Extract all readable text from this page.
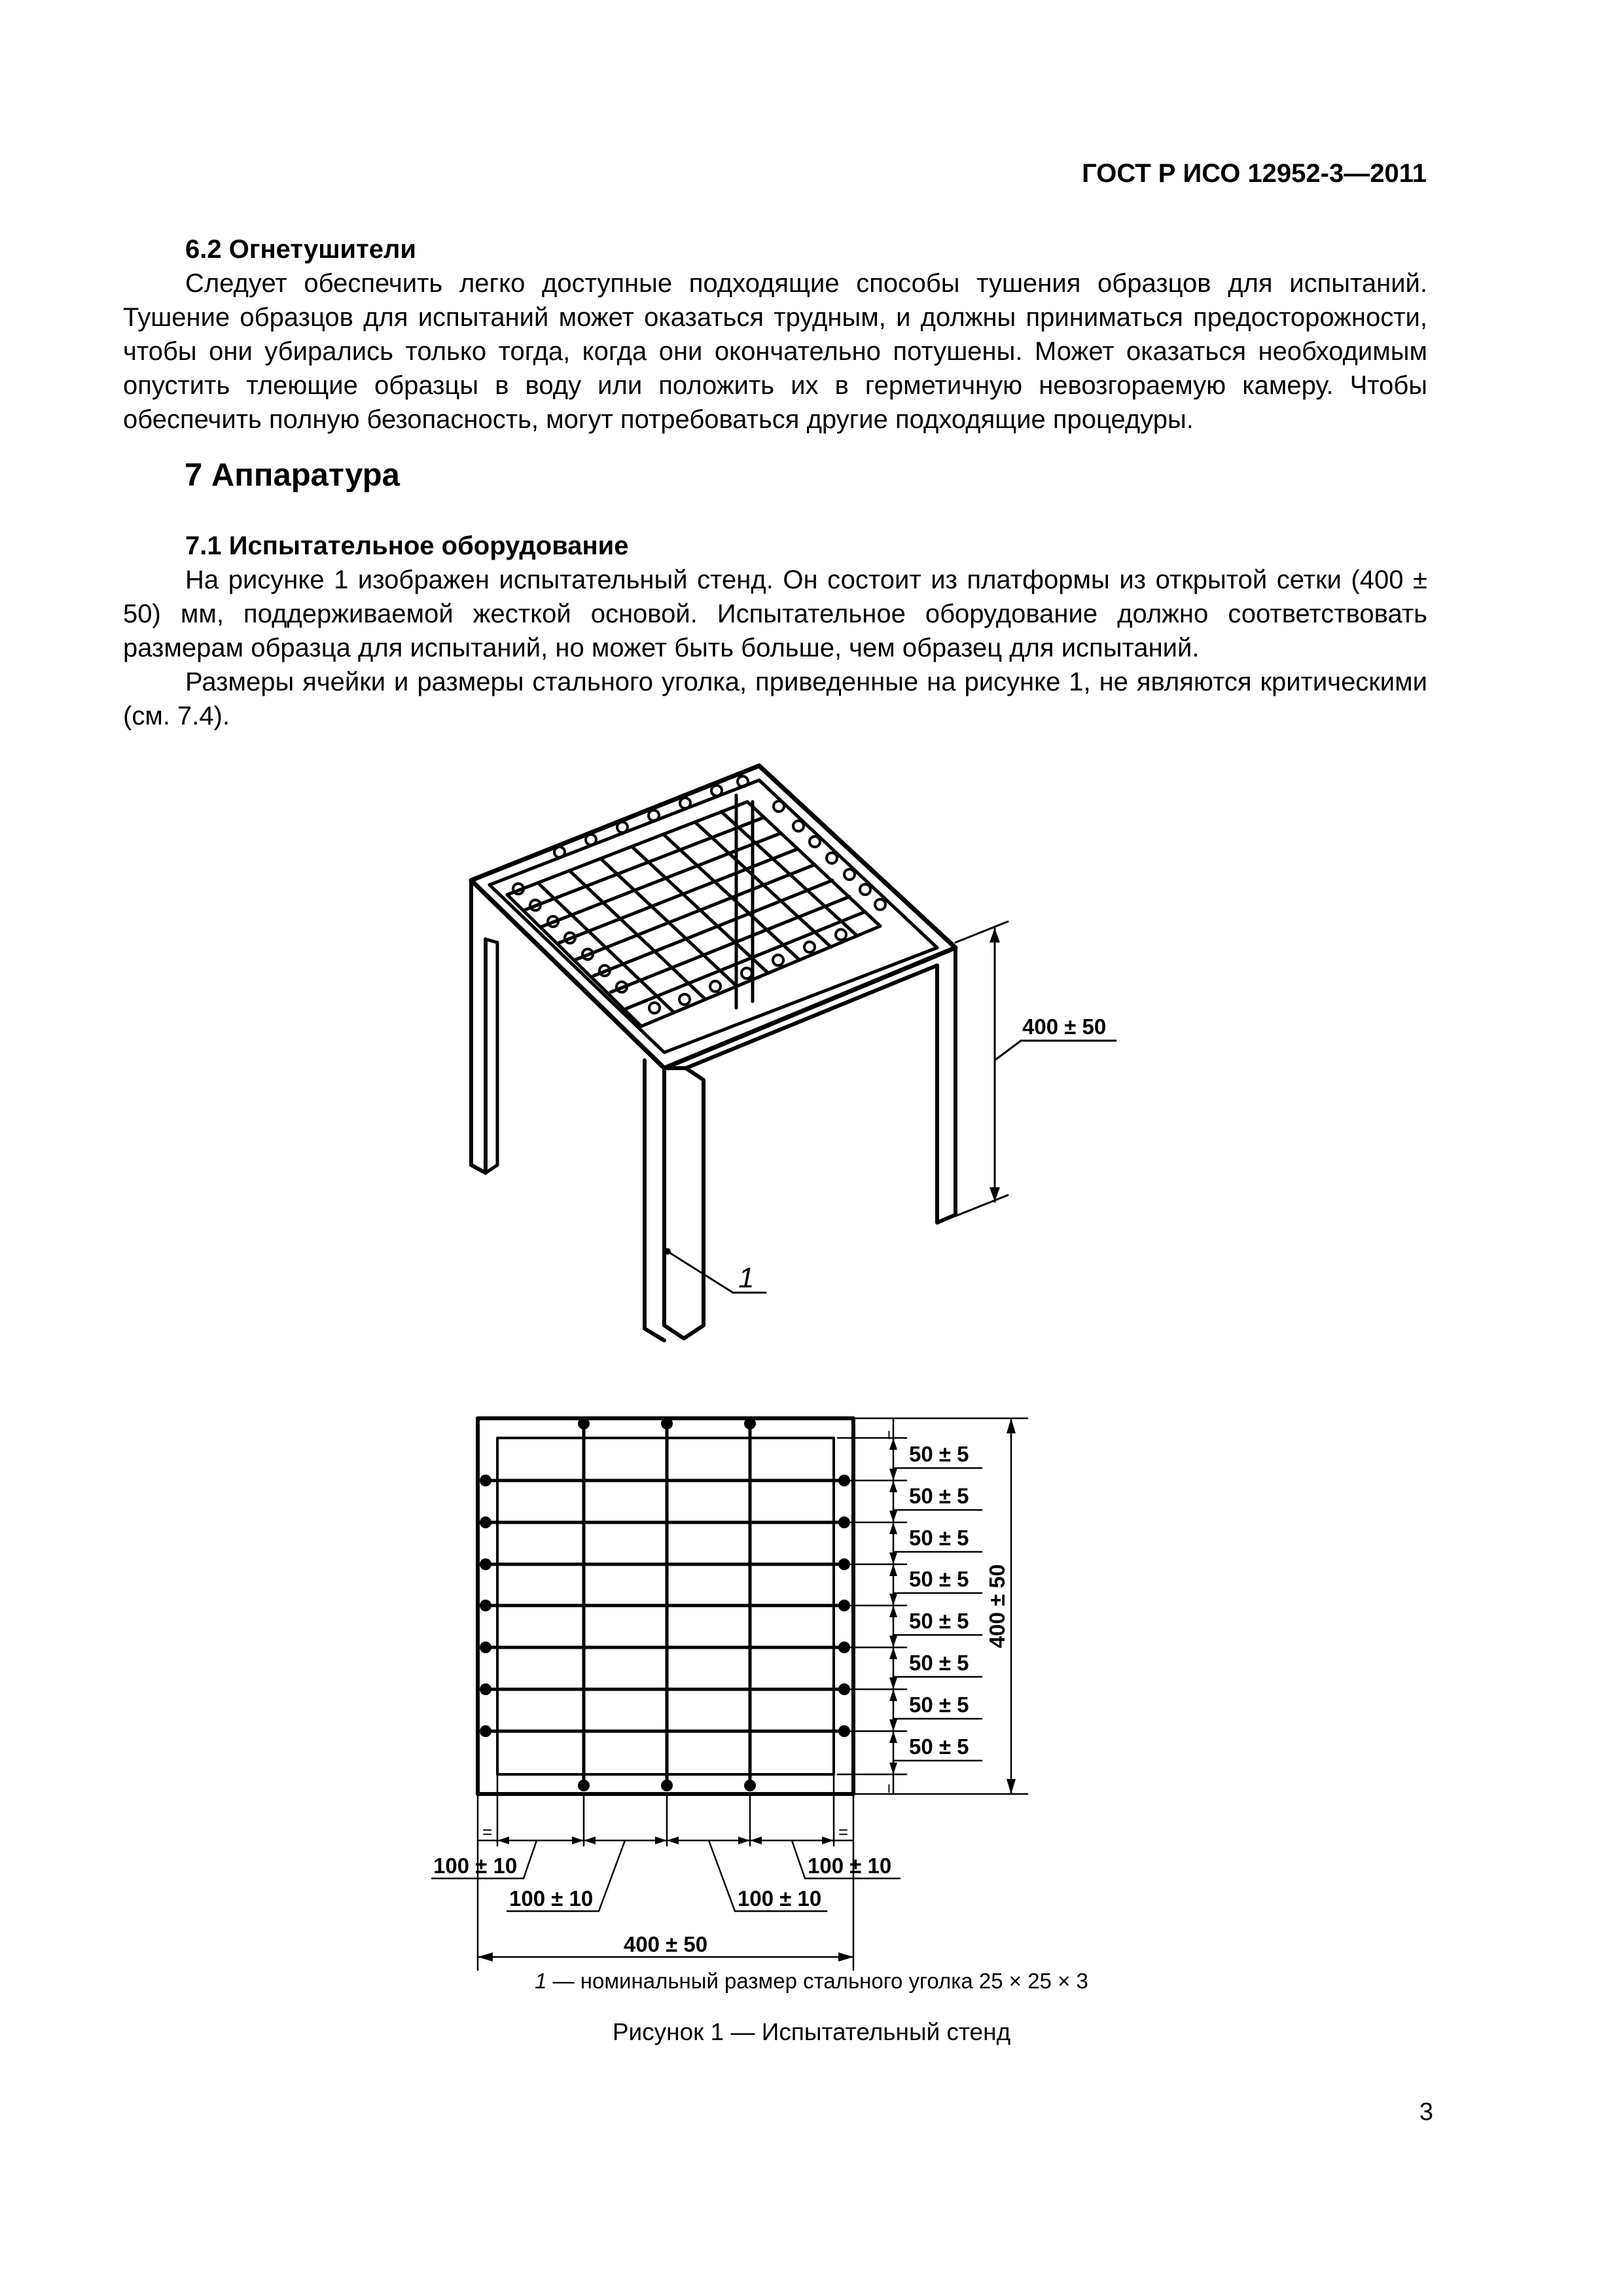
ГОСТ Р ИСО 12952-3—2011
6.2 Огнетушители

Следует обеспечить легко доступные подходящие способы тушения образцов для испытаний. Тушение образцов для испытаний может оказаться трудным, и должны приниматься предосторожности, чтобы они убирались только тогда, когда они окончательно потушены. Может оказаться необходимым опустить тлеющие образцы в воду или положить их в герметичную невозгораемую камеру. Чтобы обеспечить полную безопасность, могут потребоваться другие подходящие процедуры.

7 Аппаратура
7.1 Испытательное оборудование

На рисунке 1 изображен испытательный стенд. Он состоит из платформы из открытой сетки (400 ± 50) мм, поддерживаемой жесткой основой. Испытательное оборудование должно соответствовать размерам образца для испытаний, но может быть больше, чем образец для испытаний.

Размеры ячейки и размеры стального уголка, приведенные на рисунке 1, не являются критическими (см. 7.4).

400 ± 50
1
50 ± 5
50 ± 5
50 ± 5
50 ± 5
50 ± 5
50 ± 5
50 ± 5
50 ± 5
400 ± 50
100 ± 10
100 ± 10	100 ± 10
100 ± 10
400 ± 50
=
=
=	=
1 — номинальный размер стального уголка 25 × 25 × 3
Рисунок 1 — Испытательный стенд
3
